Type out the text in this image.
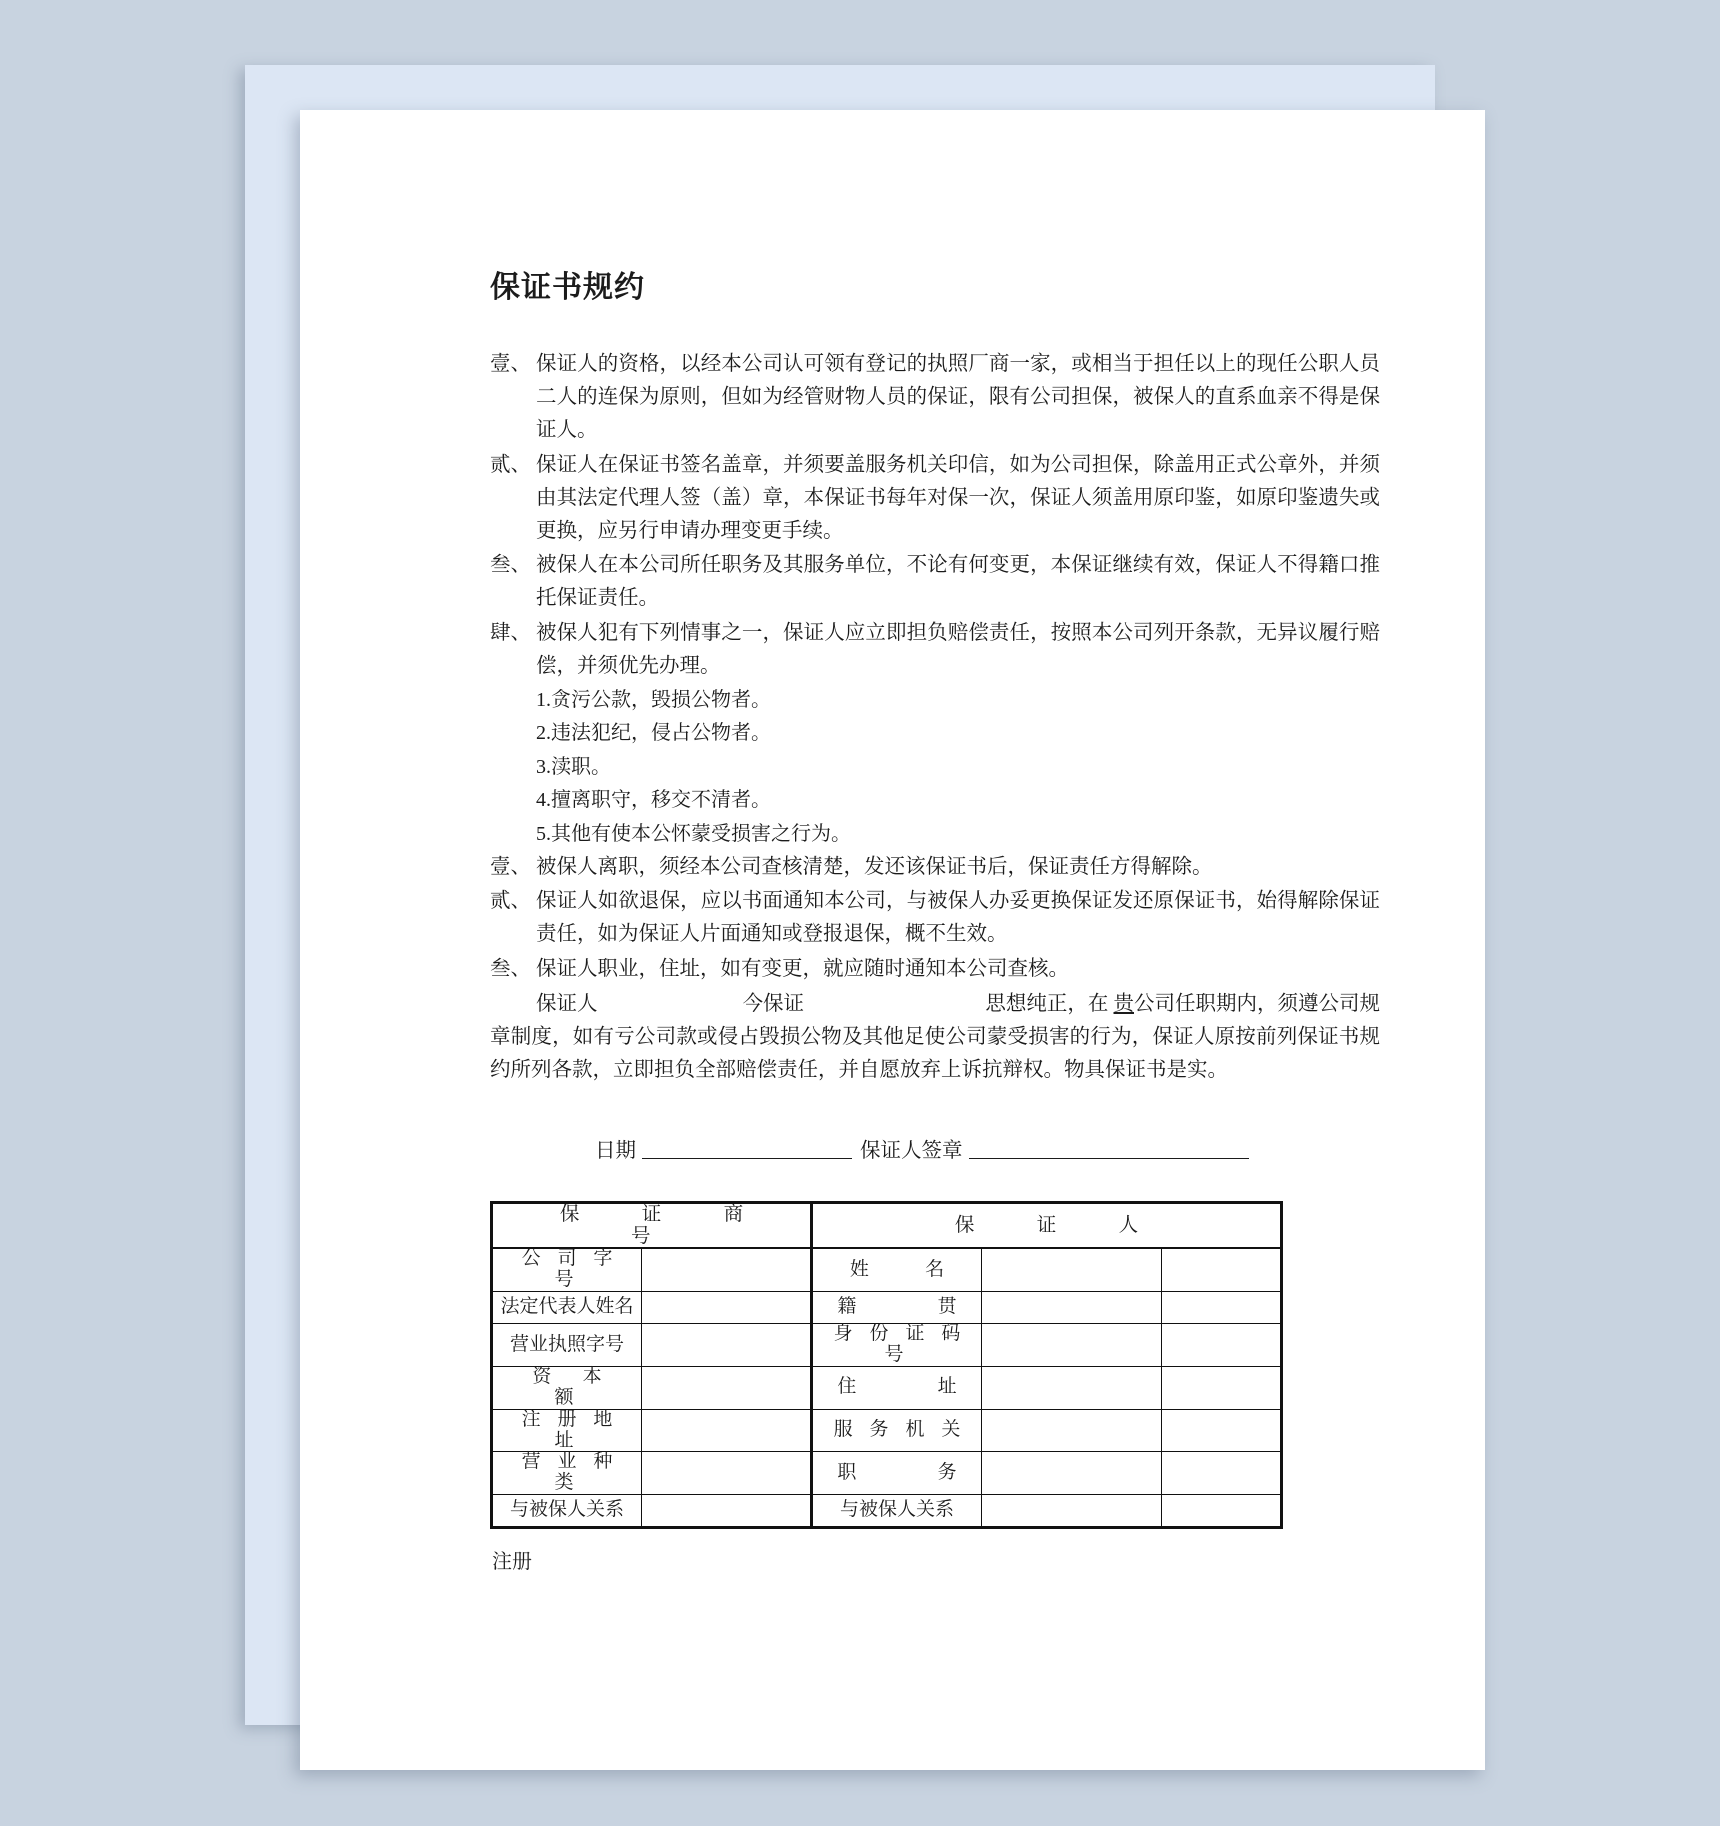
保证书规约
壹、 保证人的资格，以经本公司认可领有登记的执照厂商一家，或相当于担任以上的现任公职人员二人的连保为原则，但如为经管财物人员的保证，限有公司担保，被保人的直系血亲不得是保证人。
贰、 保证人在保证书签名盖章，并须要盖服务机关印信，如为公司担保，除盖用正式公章外，并须由其法定代理人签（盖）章，本保证书每年对保一次，保证人须盖用原印鉴，如原印鉴遗失或更换，应另行申请办理变更手续。
叁、 被保人在本公司所任职务及其服务单位，不论有何变更，本保证继续有效，保证人不得籍口推托保证责任。
肆、 被保人犯有下列情事之一，保证人应立即担负赔偿责任，按照本公司列开条款，无异议履行赔偿，并须优先办理。
1.贪污公款，毁损公物者。
2.违法犯纪，侵占公物者。
3.渎职。
4.擅离职守，移交不清者。
5.其他有使本公怀蒙受损害之行为。
壹、 被保人离职，须经本公司查核清楚，发还该保证书后，保证责任方得解除。
贰、 保证人如欲退保，应以书面通知本公司，与被保人办妥更换保证发还原保证书，始得解除保证责任，如为保证人片面通知或登报退保，概不生效。
叁、 保证人职业，住址，如有变更，就应随时通知本公司查核。
保证人	今保证	思想纯正，在
贵 公司任职期内，须遵公司规
章制度，如有亏公司款或侵占毁损公物及其他足使公司蒙受损害的行为，保证人原按前列保证书规约所列各款，立即担负全部赔偿责任，并自愿放弃上诉抗辩权。物具保证书是实。
日期	保证人签章
保　证　商　号		保　证　人		
公 司 字 号		姓　　名		
法定代表人姓名		籍　　　贯		
营业执照字号		身 份 证 码 号		
资　本　　额		住　　　址		
注 册 地 址		服 务 机 关		
营 业 种 类		职　　　务		
与被保人关系		与被保人关系		
注册
